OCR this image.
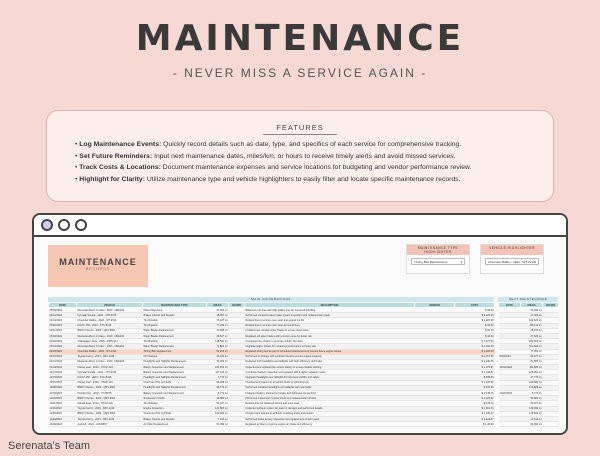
MAINTENANCE
- NEVER MISS A SERVICE AGAIN -
FEATURES
• Log Maintenance Events: Quickly record details such as date, type, and specifics of each service for comprehensive tracking.
• Set Future Reminders: Input next maintenance dates, miles/km, or hours to receive timely alerts and avoid missed services.
• Track Costs & Locations: Document maintenance expenses and service locations for budgeting and vendor performance review.
• Highlight for Clarity: Utilize maintenance type and vehicle highlighters to easily filter and locate specific maintenance records.
MAINTENANCE
RECORDS
MAINTENANCE TYPE HIGHLIGHTER
Timing Belt Replacement	▾
VEHICLE HIGHLIGHTER
Chevrolet Malibu - 2023 - WT-2V11 ▾
MAIN INFORMATIONS	NEXT MAINTENANCE
DATE	VEHICLE	MAINTENANCE TYPE	MILES	HOURS	DESCRIPTION	VENDOR	COST
05/05/2024	Mercedes-Benz C-Class - 2023 - NNE234	Wheel Alignment	37,092 mi		Balanced rear tires with high-quality tires for improved handling		$ 39.00
04/10/2024	Hyundai Sonata - 2022 - JTH-5780	Brakes Checks and Repairs	15,067 mi		Performed comprehensive brake system inspection and replaced worn pads		$ 1,229.25
04/01/2024	Chevrolet Malibu - 2023 - WT-2V11	Tire Rotation	73,437 mi		Rotated tires to ensure even wear and extend tire life		$ 1,024.90
03/20/2024	Ford F-150 - 2023 - KTC-8419	Tire Rotation	77,246 mi		Rotated tires to ensure even wear across all tires		$ 33.00
03/11/2024	BMW 3 Series - 2020 - QRS-9901	Wiper Blades Replacement	10,988 mi		Installed new, durable wiper blades to ensure clear vision		$ 69.10
03/03/2024	Mercedes-Benz C-Class - 2023 - NNE234	Wiper Blades Replacement	25,627 mi		Replaced old wiper blades with premium ones for better rain		$ 43.00
02/26/2024	Volkswagen Jetta - 2022 - RMN-44J	Tire Rotation	148,561 mi		Completed tire rotation to promote uniform tire wear		$ 1,227.00
02/10/2024	Mercedes-Benz C-Class - 2023 - NNE234	Wiper Blades Replacement	70,684 mi		Upgraded wiper blades for enhanced performance in heavy rain		$ 1,262.28
02/05/2024	Chevrolet Malibu - 2023 - WT-2V11	Timing Belt Replacement	59,264 mi		Replaced timing belt as part of scheduled maintenance to prevent future engine issues		$ 1,025.00
01/15/2024	Toyota Camry - 2019 - ABC-1234	Oil Changes	23,431 mi		Performed oil change with synthetic blend to ensure engine longevity		$ 1,257.95
01/10/2024	Mercedes-Benz C-Class - 2023 - NNE234	Headlights and Taillights Replacement	70,462 mi		Replaced both headlights and taillights with high-efficiency LED bulbs		$ 1,240.05
01/04/2024	Nissan Leaf - 2019 - YHGP-124	Battery Inspection and Replacement	104,661 mi		Inspected and replaced the vehicle battery to ensure reliable starting		$ 1,279.97
12/27/2023	Hyundai Sonata - 2022 - JTH-5780	Battery Inspection and Replacement	117,014 mi		Conducted battery inspection and replaced with a higher capacity model		$ 1,190.87
12/20/2023	Ford F-150 - 2023 - KTC-8419	Headlights and Taillights Replacement	7,772 mi		Upgraded headlights and taillights for improved visibility and safety		$ 269.60
12/16/2023	Nissan Leaf - 2019 - YHGP-124	Check and Top up Fluids	95,289 mi		Checked and topped up all vehicle fluids to optimal levels		$ 1,233.82
12/08/2023	BMW 3 Series - 2020 - QRS-9901	Headlights and Taillights Replacement	96,772 mi		Performed outdated headlights and taillights with new bulbs		$ 233.10
12/04/2023	Honda Civic - 2018 - XYZ5678	Battery Inspection and Replacement	2,772 mi		Inspected battery, cleaned terminals, and tightened connections		$ 1,139.76
11/29/2023	BMW 3 Series - 2020 - QRS-9901	Suspension Check	43,802 mi		Performed suspension system check and replaced worn shocks		$ 1,226.87
11/21/2023	Nissan Leaf - 2019 - YHGP-124	Tire Rotation	92,107 mi		Rotated tires for balanced driving and even wear		$ 449.12
11/16/2023	Toyota Camry - 2019 - ABC-1234	Engine Inspection	122,883 mi		Inspected exhaust system for leaks or damage and performed repairs		$ 1,201.00
11/09/2023	BMW 3 Series - 2020 - QRS-9901	Check and Top up Fluids	124,602 mi		Checked and topped up all fluids, including brake and coolant		$ 1,140.22
11/04/2023	Toyota Camry - 2019 - ABC-1234	Brakes Checks and Repairs	7,610 mi		Performed brake system inspection and replacement of worn parts		$ 1,224.37
10/30/2023	Audi A4 - 2021 - LMN4567	Air Filter Replacement	51,399 mi		Replaced air filter to improve engine air intake and efficiency		$ 1,49.90
DATE	MILES	HOURS
	31,093 mi	
	27,086 mi	
	122,620 mi	
	146,112 mi	
	75,214 mi	
	37,629 mi	
	159,567 mi	
	101,684 mi	
	77,051 mi	
5/30/2024	33,377 mi	
	81,580 mi	
10/02/2024	114,686 mi	
	128,991 mi	
	17,779 mi	
	199,683 mi	
	103,888 mi	
12/02/2024	5,772 mi	
	59,800 mi	
	99,407 mi	
	139,999 mi	
	136,602 mi	
	12,610 mi	
	60,399 mi	
Serenata's Team
